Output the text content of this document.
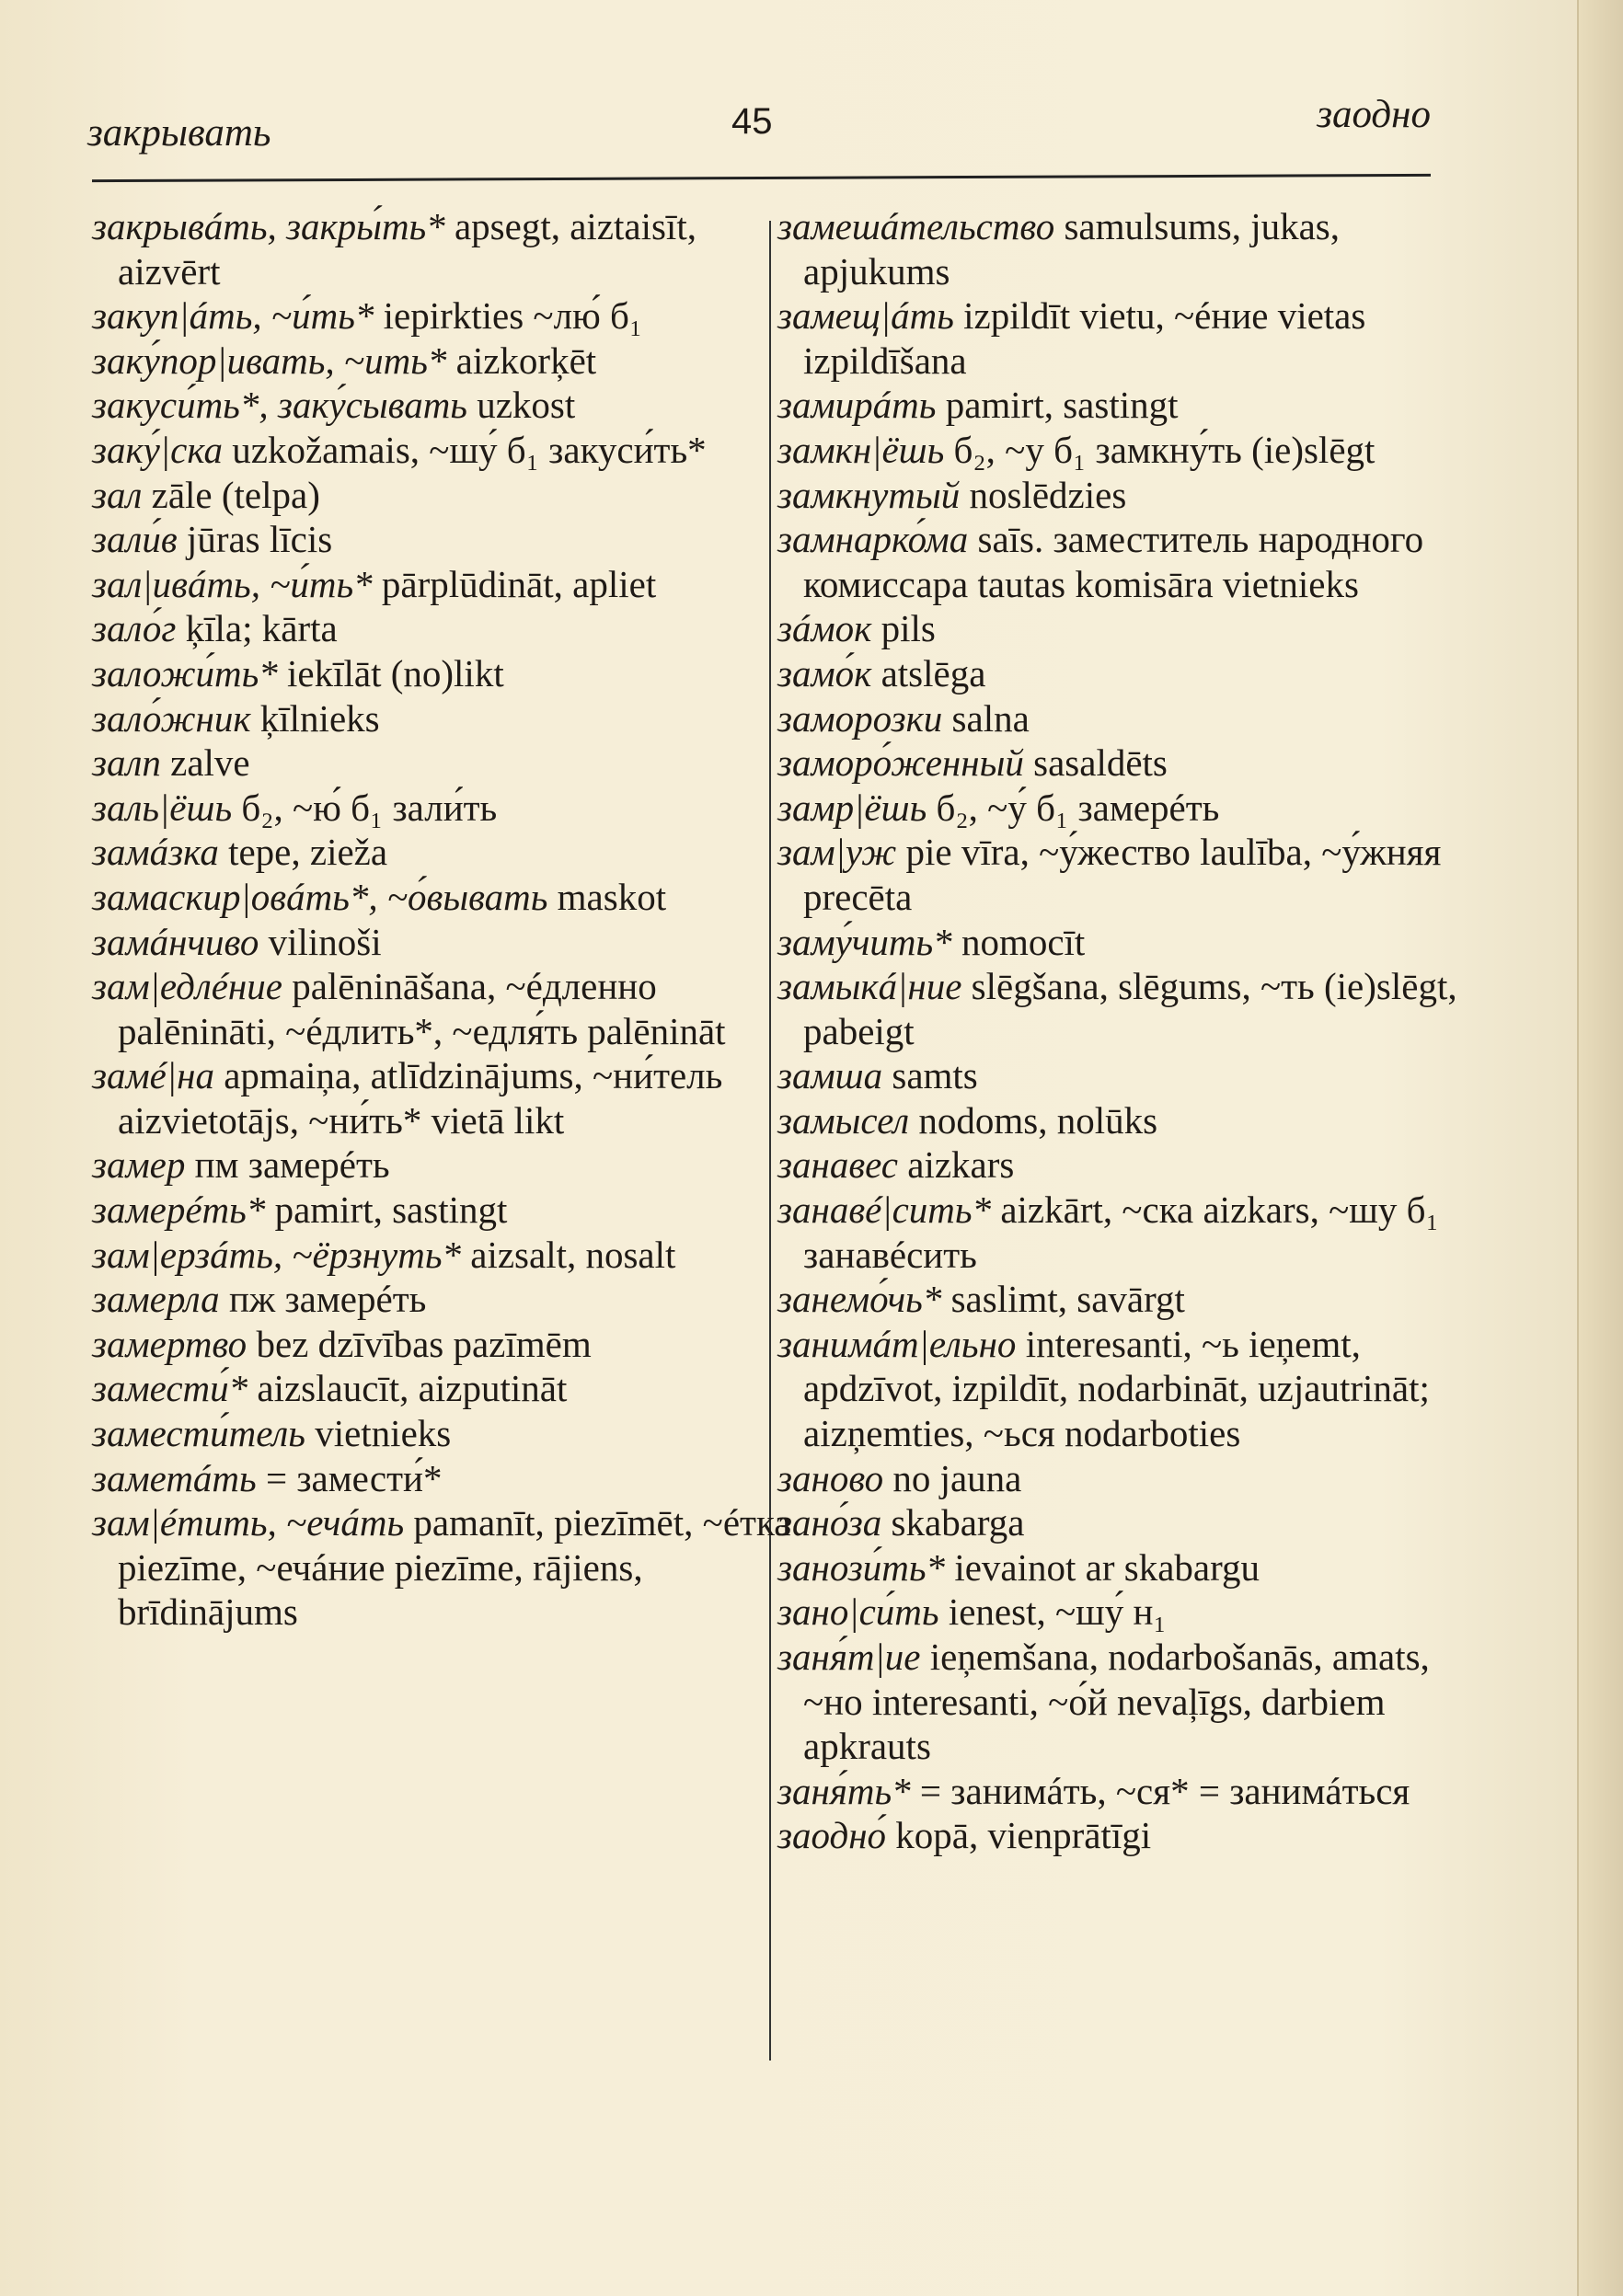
закрывать	45	заодно

закрывáть, закры́ть* apsegt, aiztaisīt, aizvērt

закуп|áть, ~и́ть* iepirkties ~лю́ б₁

заку́пор|ивать, ~ить* aizkorķēt

закуси́ть*, заку́сывать uzkost

заку́|ска uzkožamais, ~шу́ б₁ закуси́ть*

зал zāle (telpa)

зали́в jūras līcis

зал|ивáть, ~и́ть* pārplūdināt, apliet

зало́г ķīla; kārta

заложи́ть* iekīlāt (no)likt

зало́жник ķīlnieks

залп zalve

заль|ёшь б₂, ~ю́ б₁ зали́ть

замáзка tepe, zieža

замаскир|овáть*, ~о́вывать maskot

замáнчиво vilinoši

зам|едлéние palēnināšana, ~éдленно palēnināti, ~éдлить*, ~едля́ть palēnināt

замé|на apmaiņa, atlīdzinājums, ~ни́тель aizvietotājs, ~ни́ть* vietā likt

замер пм замерéть

замерéть* pamirt, sastingt

зам|ерзáть, ~ёрзнуть* aizsalt, nosalt

замерла пж замерéть

замертво bez dzīvības pazīmēm

замести́* aizslaucīt, aizputināt

замести́тель vietnieks

заметáть = замести́*

зам|éтить, ~ечáть pamanīt, piezīmēt, ~éтка piezīme, ~ечáние piezīme, rājiens, brīdinājums

замешáтельство samulsums, jukas, apjukums

замещ|áть izpildīt vietu, ~éние vietas izpildīšana

замирáть pamirt, sastingt

замкн|ёшь б₂, ~у б₁ замкну́ть (ie)slēgt

замкнутый noslēdzies

замнарко́ма saīs. заместитель народного комиссара tautas komisāra vietnieks

зáмок pils

замо́к atslēga

заморозки salna

заморо́женный sasaldēts

замр|ёшь б₂, ~у́ б₁ замерéть

зам|уж pie vīra, ~у́жество laulība, ~у́жняя precēta

заму́чить* nomocīt

замыкá|ние slēgšana, slēgums, ~ть (ie)slēgt, pabeigt

замша samts

замысел nodoms, nolūks

занавес aizkars

занавé|сить* aizkārt, ~ска aizkars, ~шу б₁ занавéсить

занемо́чь* saslimt, savārgt

занимáт|ельно interesanti, ~ь ieņemt, apdzīvot, izpildīt, nodarbināt, uzjautrināt; aizņemties, ~ься nodarboties

заново no jauna

зано́за skabarga

занози́ть* ievainot ar skabargu

зано|си́ть ienest, ~шу́ н₁

заня́т|ие ieņemšana, nodarbošanās, amats, ~но interesanti, ~о́й nevaļīgs, darbiem apkrauts

заня́ть* = занимáть, ~ся* = занимáться

заодно́ kopā, vienprātīgi
